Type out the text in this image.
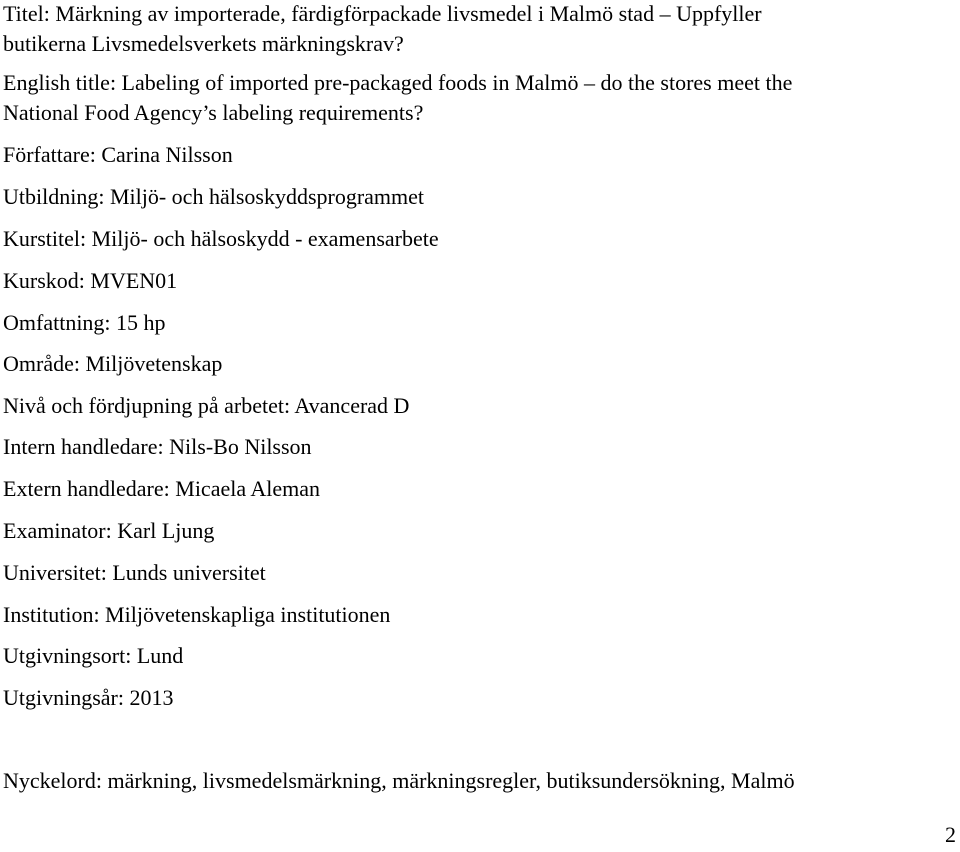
Titel: Märkning av importerade, färdigförpackade livsmedel i Malmö stad – Uppfyller

butikerna Livsmedelsverkets märkningskrav?

English title: Labeling of imported pre-packaged foods in Malmö – do the stores meet the

National Food Agency’s labeling requirements?

Författare: Carina Nilsson

Utbildning: Miljö- och hälsoskyddsprogrammet

Kurstitel: Miljö- och hälsoskydd - examensarbete

Kurskod: MVEN01

Omfattning: 15 hp

Område: Miljövetenskap

Nivå och fördjupning på arbetet: Avancerad D

Intern handledare: Nils-Bo Nilsson

Extern handledare: Micaela Aleman

Examinator: Karl Ljung

Universitet: Lunds universitet

Institution: Miljövetenskapliga institutionen

Utgivningsort: Lund

Utgivningsår: 2013

Nyckelord: märkning, livsmedelsmärkning, märkningsregler, butiksundersökning, Malmö

2
